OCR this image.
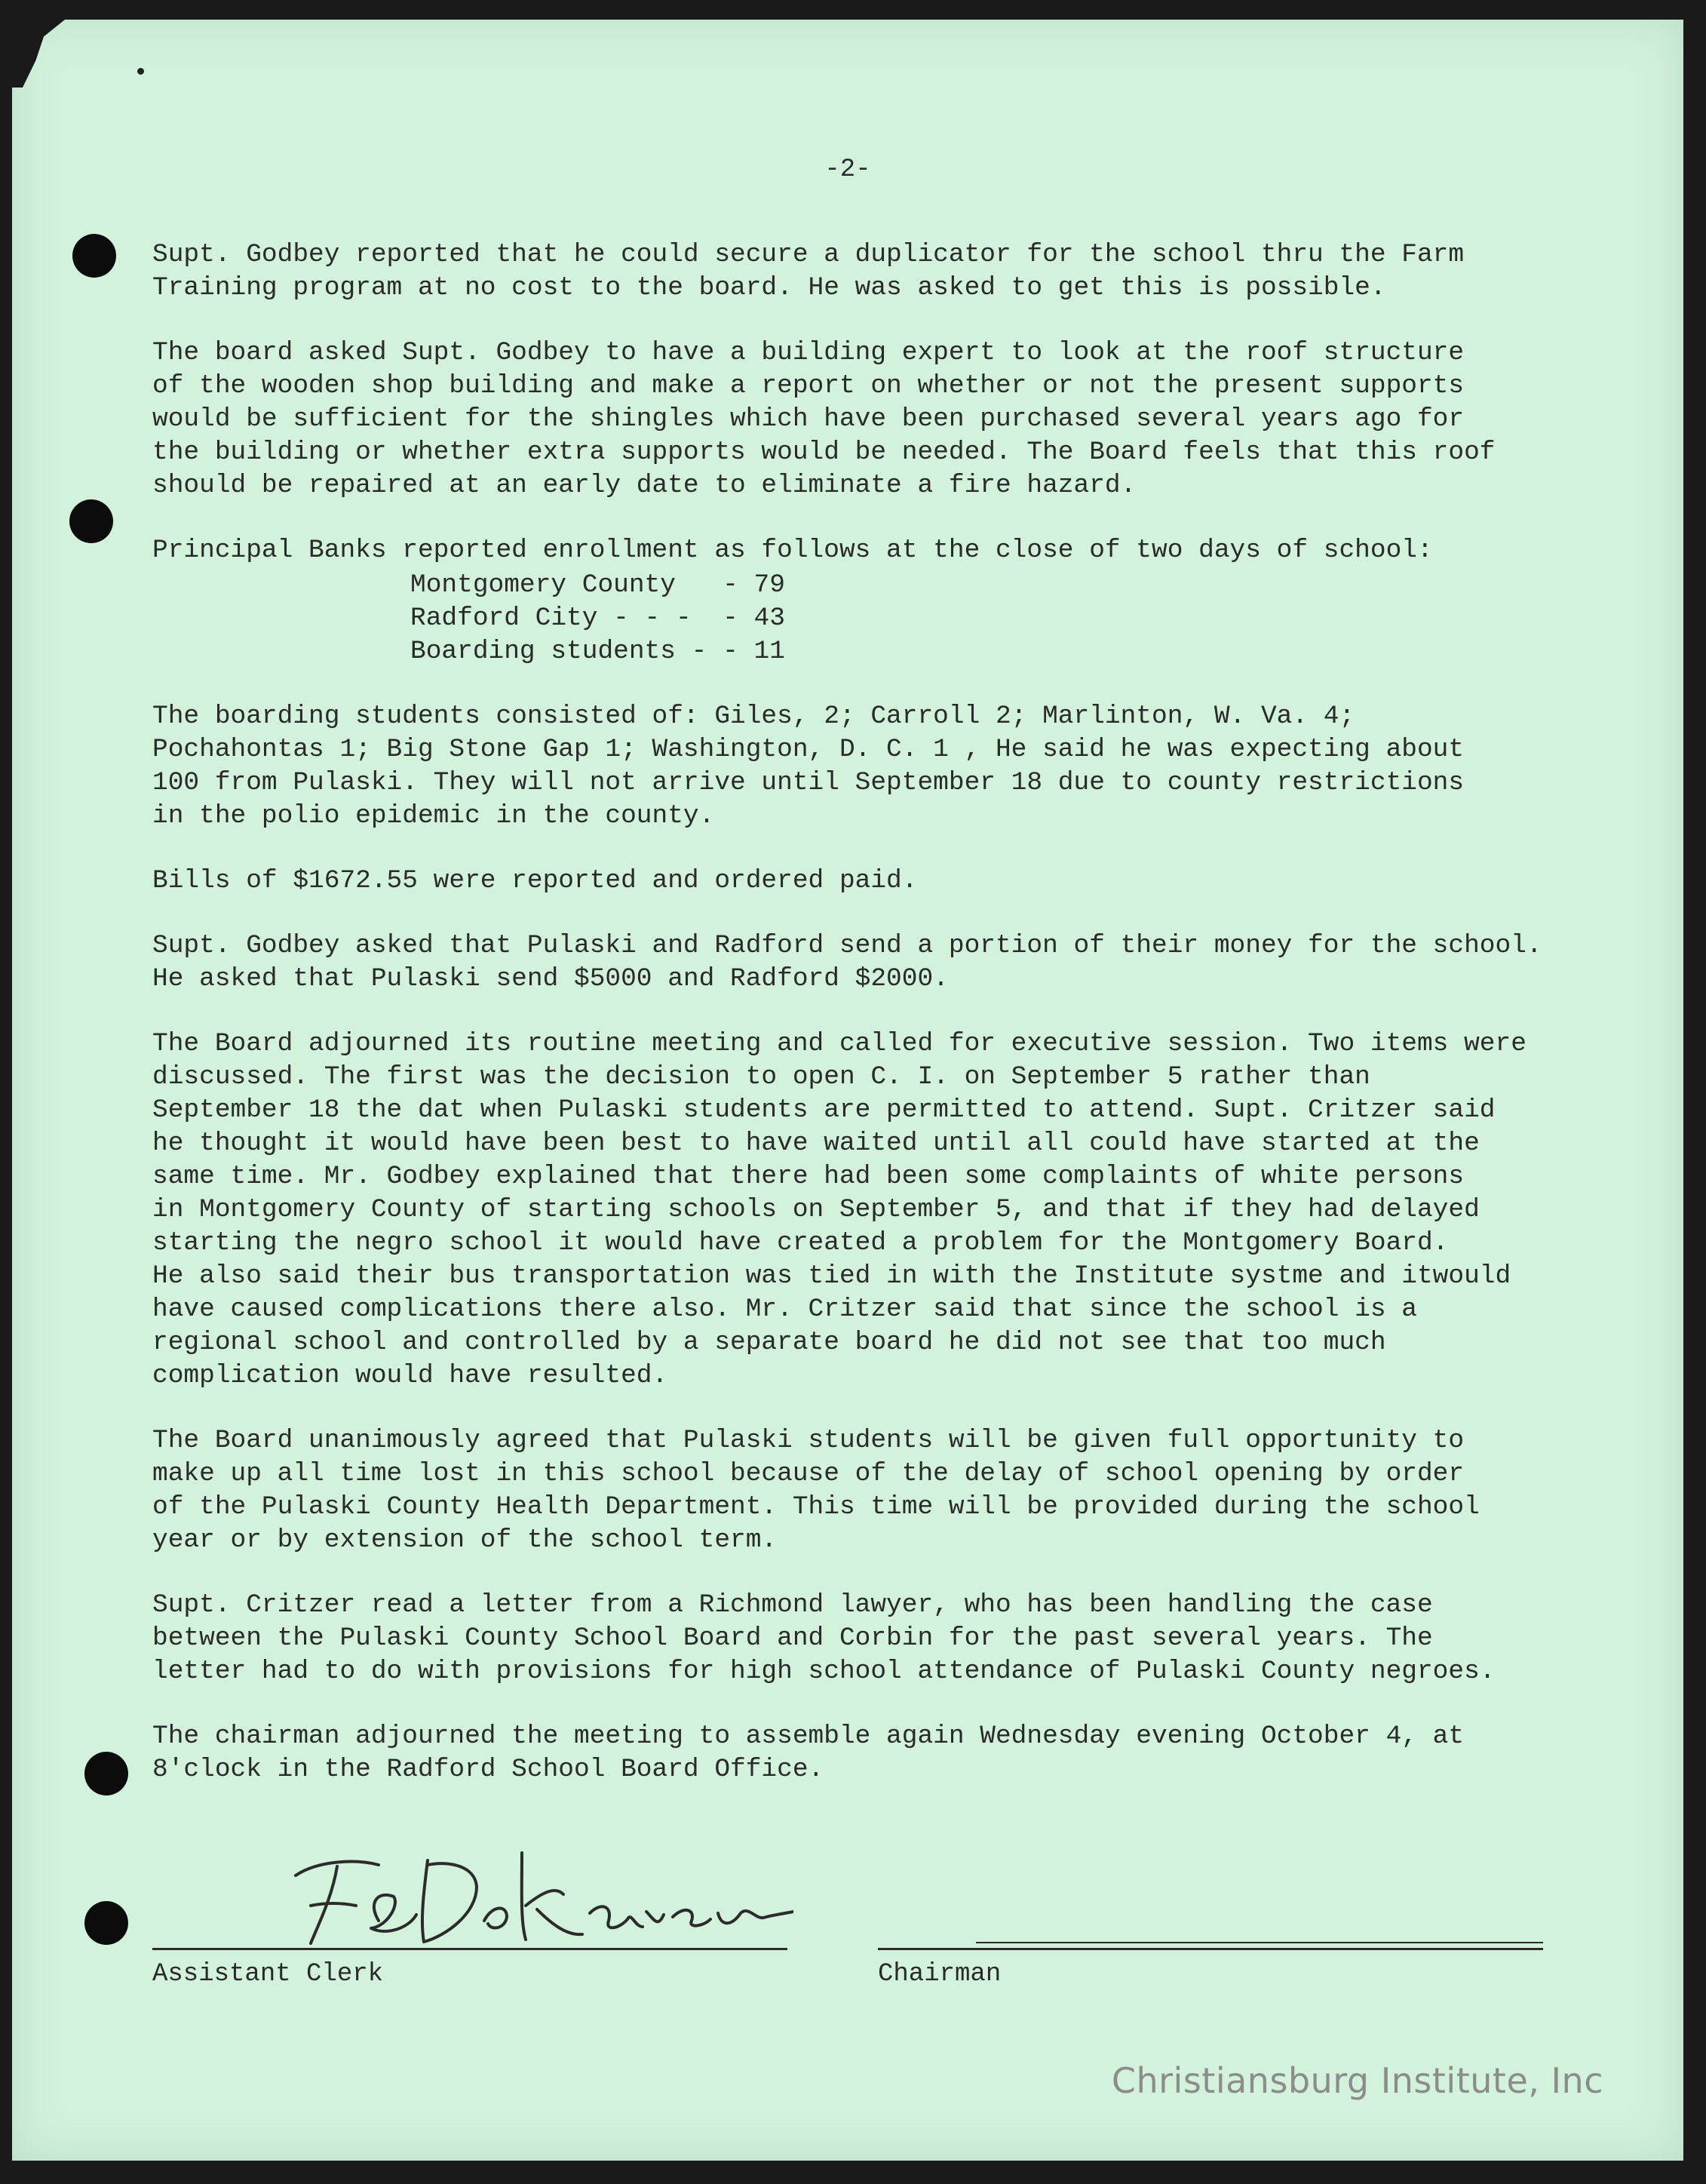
-2-

Supt. Godbey reported that he could secure a duplicator for the school thru the Farm
Training program at no cost to the board. He was asked to get this is possible.

The board asked Supt. Godbey to have a building expert to look at the roof structure
of the wooden shop building and make a report on whether or not the present supports
would be sufficient for the shingles which have been purchased several years ago for
the building or whether extra supports would be needed. The Board feels that this roof
should be repaired at an early date to eliminate a fire hazard.

Principal Banks reported enrollment as follows at the close of two days of school:

Montgomery County   - 79
Radford City - - -  - 43
Boarding students - - 11

The boarding students consisted of: Giles, 2; Carroll 2; Marlinton, W. Va. 4;
Pochahontas 1; Big Stone Gap 1; Washington, D. C. 1 , He said he was expecting about
100 from Pulaski. They will not arrive until September 18 due to county restrictions
in the polio epidemic in the county.

Bills of $1672.55 were reported and ordered paid.

Supt. Godbey asked that Pulaski and Radford send a portion of their money for the school.
He asked that Pulaski send $5000 and Radford $2000.

The Board adjourned its routine meeting and called for executive session. Two items were
discussed. The first was the decision to open C. I. on September 5 rather than
September 18 the dat when Pulaski students are permitted to attend. Supt. Critzer said
he thought it would have been best to have waited until all could have started at the
same time. Mr. Godbey explained that there had been some complaints of white persons
in Montgomery County of starting schools on September 5, and that if they had delayed
starting the negro school it would have created a problem for the Montgomery Board.
He also said their bus transportation was tied in with the Institute systme and itwould
have caused complications there also. Mr. Critzer said that since the school is a
regional school and controlled by a separate board he did not see that too much
complication would have resulted.

The Board unanimously agreed that Pulaski students will be given full opportunity to
make up all time lost in this school because of the delay of school opening by order
of the Pulaski County Health Department. This time will be provided during the school
year or by extension of the school term.

Supt. Critzer read a letter from a Richmond lawyer, who has been handling the case
between the Pulaski County School Board and Corbin for the past several years. The
letter had to do with provisions for high school attendance of Pulaski County negroes.

The chairman adjourned the meeting to assemble again Wednesday evening October 4, at
8'clock in the Radford School Board Office.

Assistant Clerk	Chairman
Christiansburg Institute, Inc
